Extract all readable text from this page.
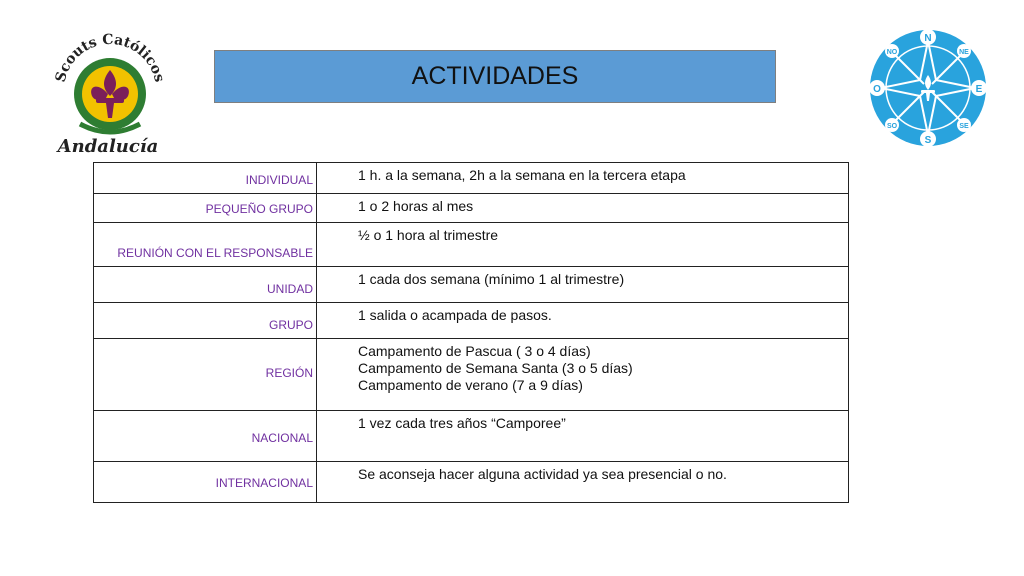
Scouts Católicos
Andalucía
ACTIVIDADES
N
NE
E
SE
S
SO
O
NO
INDIVIDUAL	1 h. a la semana, 2h a la semana en la tercera etapa

PEQUEÑO GRUPO	1 o 2 horas al mes

REUNIÓN CON EL RESPONSABLE	½ o 1 hora al trimestre

UNIDAD	1 cada dos semana (mínimo 1 al trimestre)

GRUPO	1 salida o acampada de pasos.

REGIÓN	Campamento de Pascua ( 3 o 4 días)
Campamento de Semana Santa (3 o 5 días)
Campamento de verano (7 a 9 días)

NACIONAL	1 vez cada tres años “Camporee”

INTERNACIONAL	Se aconseja hacer alguna actividad ya sea presencial o no.
